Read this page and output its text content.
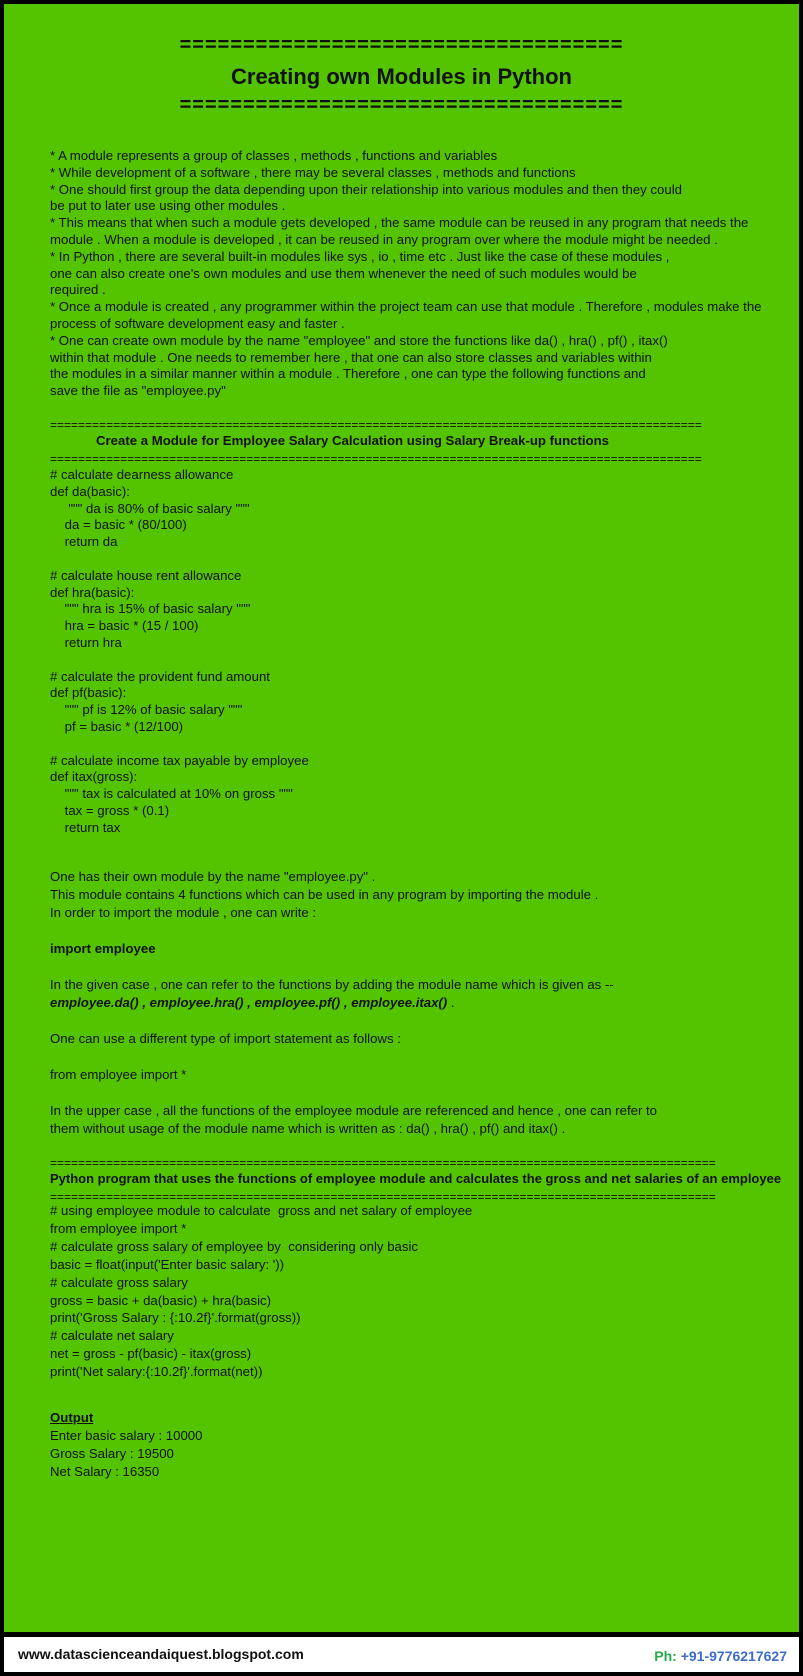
===================================
Creating own Modules in Python
===================================
* A module represents a group of classes , methods , functions and variables
* While development of a software , there may be several classes , methods and functions
* One should first group the data depending upon their relationship into various modules and then they could
be put to later use using other modules .
* This means that when such a module gets developed , the same module can be reused in any program that needs the
module . When a module is developed , it can be reused in any program over where the module might be needed .
* In Python , there are several built-in modules like sys , io , time etc . Just like the case of these modules ,
one can also create one's own modules and use them whenever the need of such modules would be
required .
* Once a module is created , any programmer within the project team can use that module . Therefore , modules make the
process of software development easy and faster .
* One can create own module by the name "employee" and store the functions like da() , hra() , pf() , itax()
within that module . One needs to remember here , that one can also store classes and variables within
the modules in a similar manner within a module . Therefore , one can type the following functions and
save the file as "employee.py"
=============================================================================================
Create a Module for Employee Salary Calculation using Salary Break-up functions
=============================================================================================
# calculate dearness allowance
def da(basic):
""" da is 80% of basic salary """
da = basic * (80/100)
return da
# calculate house rent allowance
def hra(basic):
""" hra is 15% of basic salary """
hra = basic * (15 / 100)
return hra
# calculate the provident fund amount
def pf(basic):
""" pf is 12% of basic salary """
pf = basic * (12/100)
# calculate income tax payable by employee
def itax(gross):
""" tax is calculated at 10% on gross """
tax = gross * (0.1)
return tax
One has their own module by the name "employee.py" .
This module contains 4 functions which can be used in any program by importing the module .
In order to import the module , one can write :
import employee
In the given case , one can refer to the functions by adding the module name which is given as --
employee.da() , employee.hra() , employee.pf() , employee.itax() .
One can use a different type of import statement as follows :
from employee import *
In the upper case , all the functions of the employee module are referenced and hence , one can refer to
them without usage of the module name which is written as : da() , hra() , pf() and itax() .
===============================================================================================
Python program that uses the functions of employee module and calculates the gross and net salaries of an employee
===============================================================================================
# using employee module to calculate  gross and net salary of employee
from employee import *
# calculate gross salary of employee by  considering only basic
basic = float(input('Enter basic salary: '))
# calculate gross salary
gross = basic + da(basic) + hra(basic)
print('Gross Salary : {:10.2f}'.format(gross))
# calculate net salary
net = gross - pf(basic) - itax(gross)
print('Net salary:{:10.2f}'.format(net))
Output
Enter basic salary : 10000
Gross Salary : 19500
Net Salary : 16350
www.datascienceandaiquest.blogspot.com	Ph: +91-9776217627
